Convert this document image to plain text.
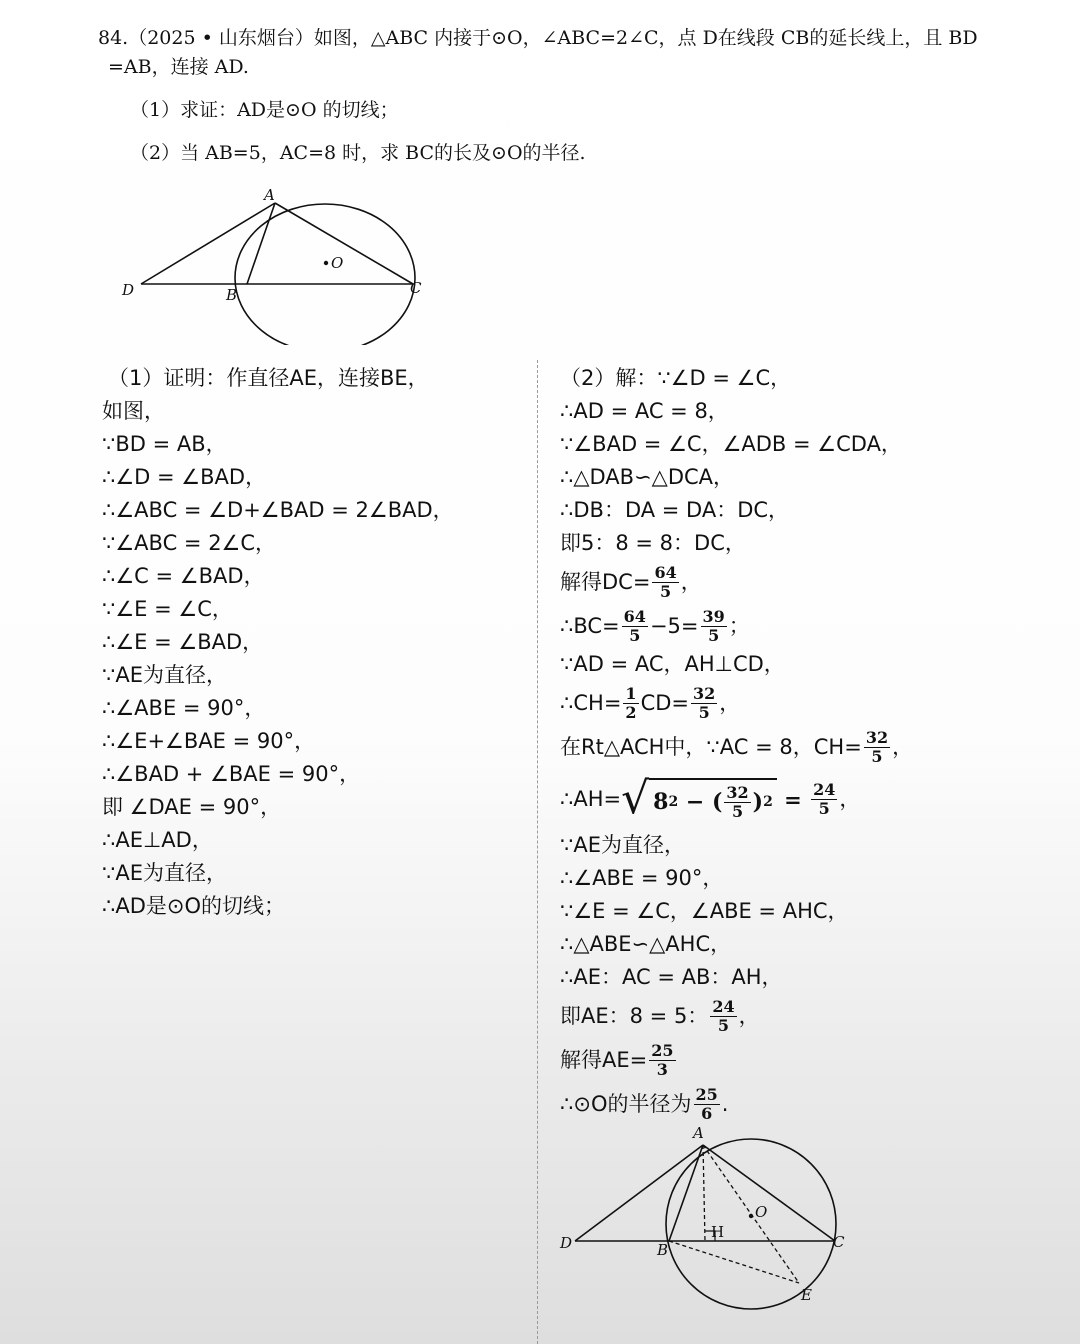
84.（2025 • 山东烟台）如图，△ABC 内接于⊙O，∠ABC=2∠C，点 D在线段 CB的延长线上，且 BD
=AB，连接 AD.
（1）求证：AD是⊙O 的切线；
（2）当 AB=5，AC=8 时，求 BC的长及⊙O的半径.
A
B	C
D
O
（1）证明：作直径AE，连接BE，
如图，
∵BD = AB，
∴∠D = ∠BAD，
∴∠ABC = ∠D+∠BAD = 2∠BAD，
∵∠ABC = 2∠C，
∴∠C = ∠BAD，
∵∠E = ∠C，
∴∠E = ∠BAD，
∵AE为直径，
∴∠ABE = 90°，
∴∠E+∠BAE = 90°，
∴∠BAD + ∠BAE = 90°，
即 ∠DAE = 90°，
∴AE⊥AD，
∵AE为直径，
∴AD是⊙O的切线；
（2）解：∵∠D = ∠C，
∴AD = AC = 8，
∵∠BAD = ∠C，∠ADB = ∠CDA，
∴△DAB∽△DCA，
∴DB：DA = DA：DC，
即5：8 = 8：DC，
解得$DC= \frac{64}{5}$ ，
∴BC= $\frac{64}{5} -5= \frac{39}{5}$ ；
∵AD = AC，AH⊥CD，
∴CH= $\frac{1}{2} CD= \frac{32}{5}$ ，
在Rt△ACH中，∵AC = 8，$CH= \frac{32}{5}$ ，
∴AH= √ 8 2 − ( $\frac{32}{5}$ ) $2 = \frac{24}{5}$ ，
∵AE为直径，
∴∠ABE = 90°，
∵∠E = ∠C，∠ABE = AHC，
∴△ABE∽△AHC，
∴AE：AC = AB：AH，
即AE：8 = 5： $\frac{24}{5}$ ，
解得$AE= \frac{25}{3}$
∴⊙O的半径为 $\frac{25}{6}$ .
A
B	C
D
O
H
E
